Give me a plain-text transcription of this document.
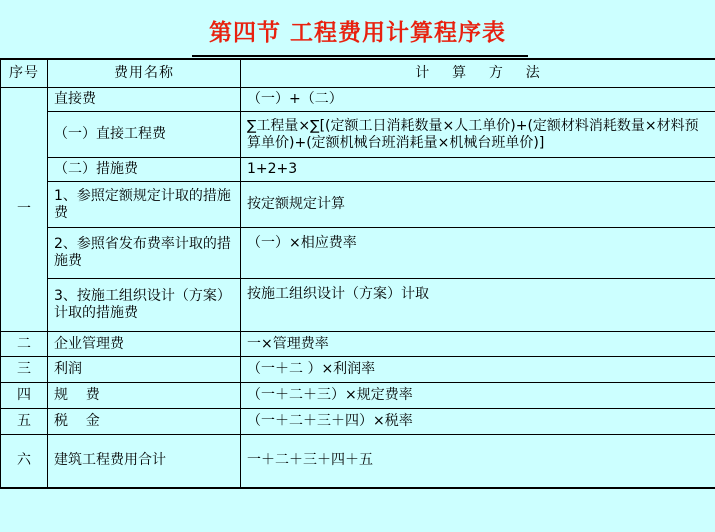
第四节 工程费用计算程序表
序号	费用名称	计    算    方    法
一	直接费	（一）+（二）
	（一）直接工程费	∑工程量×∑[(定额工日消耗数量×人工单价)+(定额材料消耗数量×材料预算单价)+(定额机械台班消耗量×机械台班单价)]
	（二）措施费	1+2+3
	1、参照定额规定计取的措施费	按定额规定计算
	2、参照省发布费率计取的措施费	（一）×相应费率
	3、按施工组织设计（方案）计取的措施费	按施工组织设计（方案）计取
二	企业管理费	一×管理费率
三	利润	（一＋二 ）×利润率
四	规    费	（一＋二＋三）×规定费率
五	税    金	（一＋二＋三＋四）×税率
六	建筑工程费用合计	一＋二＋三＋四＋五
